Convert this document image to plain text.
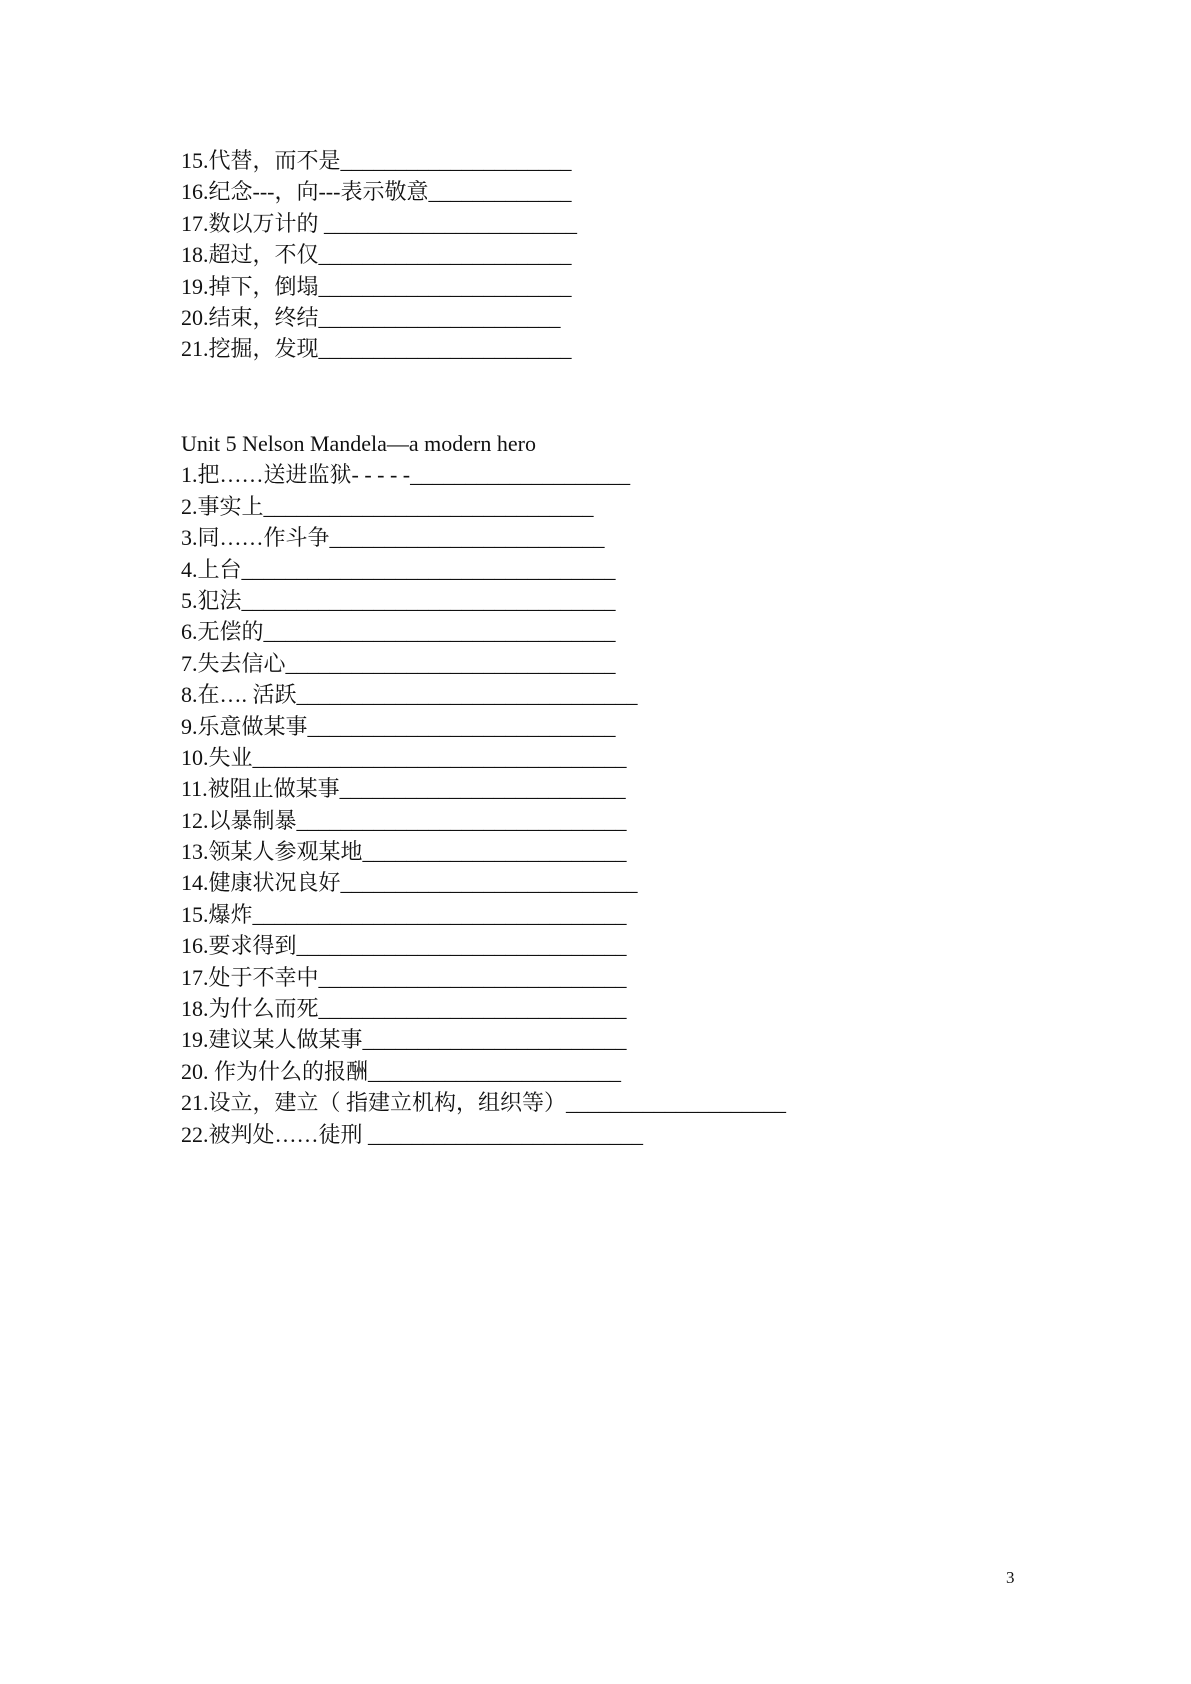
15.代替，而不是_____________________
16.纪念---，向---表示敬意_____________
17.数以万计的 _______________________
18.超过，不仅_______________________
19.掉下，倒塌_______________________
20.结束，终结______________________
21.挖掘，发现_______________________
Unit 5 Nelson Mandela—a modern hero
1.把……送进监狱- - - - -____________________
2.事实上______________________________
3.同……作斗争_________________________
4.上台__________________________________
5.犯法__________________________________
6.无偿的________________________________
7.失去信心______________________________
8.在…. 活跃_______________________________
9.乐意做某事____________________________
10.失业__________________________________
11.被阻止做某事__________________________
12.以暴制暴______________________________
13.领某人参观某地________________________
14.健康状况良好___________________________
15.爆炸__________________________________
16.要求得到______________________________
17.处于不幸中____________________________
18.为什么而死____________________________
19.建议某人做某事________________________
20. 作为什么的报酬_______________________
21.设立，建立（ 指建立机构，组织等）____________________
22.被判处……徒刑 _________________________
3
